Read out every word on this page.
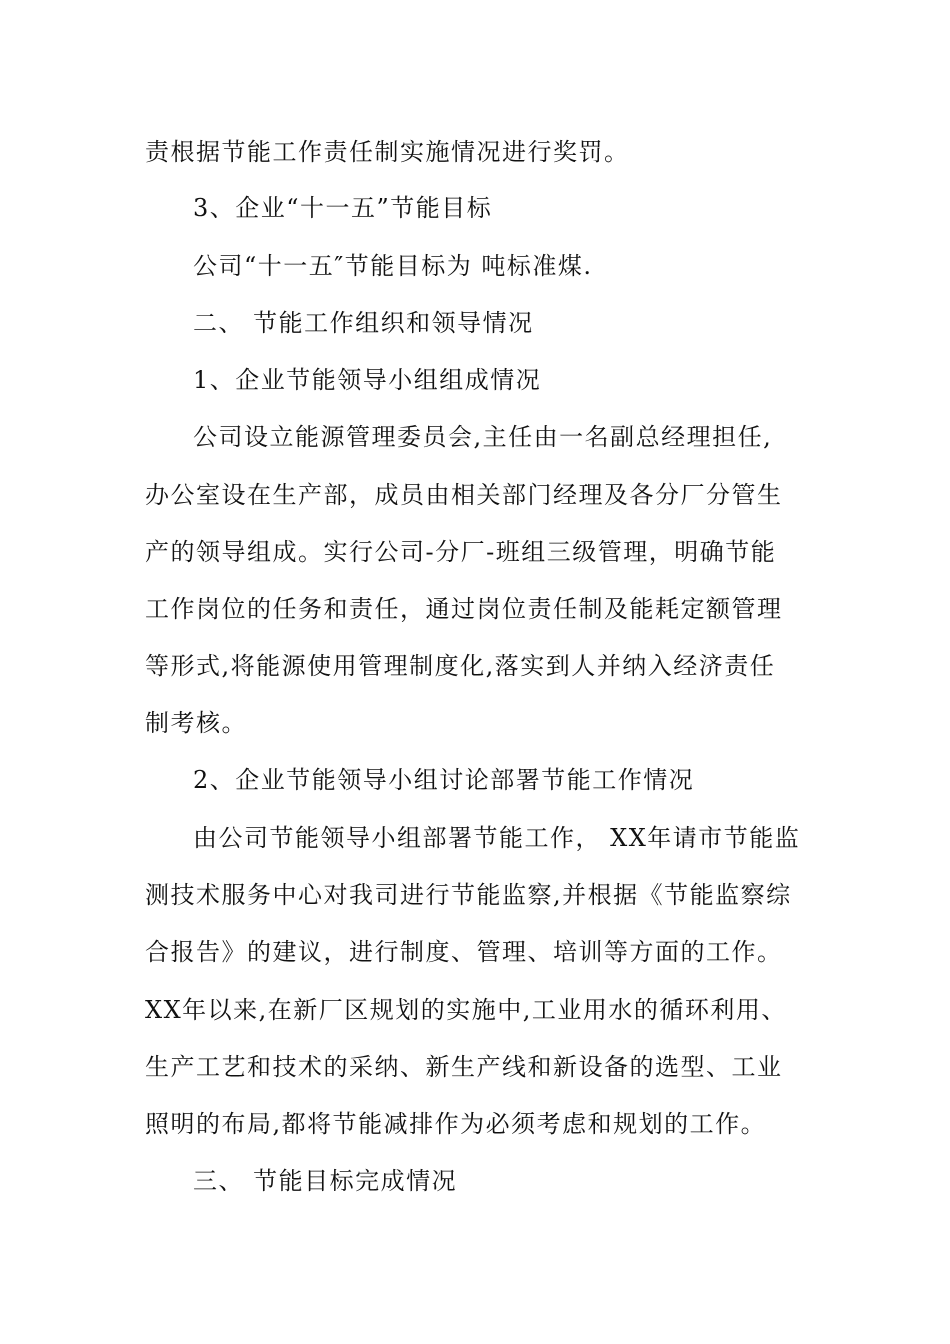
责根据节能工作责任制实施情况进行奖罚。
3、企业“十一五”节能目标
公司“十一五″节能目标为 吨标准煤.
二、 节能工作组织和领导情况
1、企业节能领导小组组成情况
公司设立能源管理委员会,主任由一名副总经理担任,
办公室设在生产部，成员由相关部门经理及各分厂分管生
产的领导组成。实行公司-分厂-班组三级管理，明确节能
工作岗位的任务和责任，通过岗位责任制及能耗定额管理
等形式,将能源使用管理制度化,落实到人并纳入经济责任
制考核。
2、企业节能领导小组讨论部署节能工作情况
由公司节能领导小组部署节能工作， XX年请市节能监
测技术服务中心对我司进行节能监察,并根据《节能监察综
合报告》的建议，进行制度、管理、培训等方面的工作。
XX年以来,在新厂区规划的实施中,工业用水的循环利用、
生产工艺和技术的采纳、新生产线和新设备的选型、工业
照明的布局,都将节能减排作为必须考虑和规划的工作。
三、 节能目标完成情况
